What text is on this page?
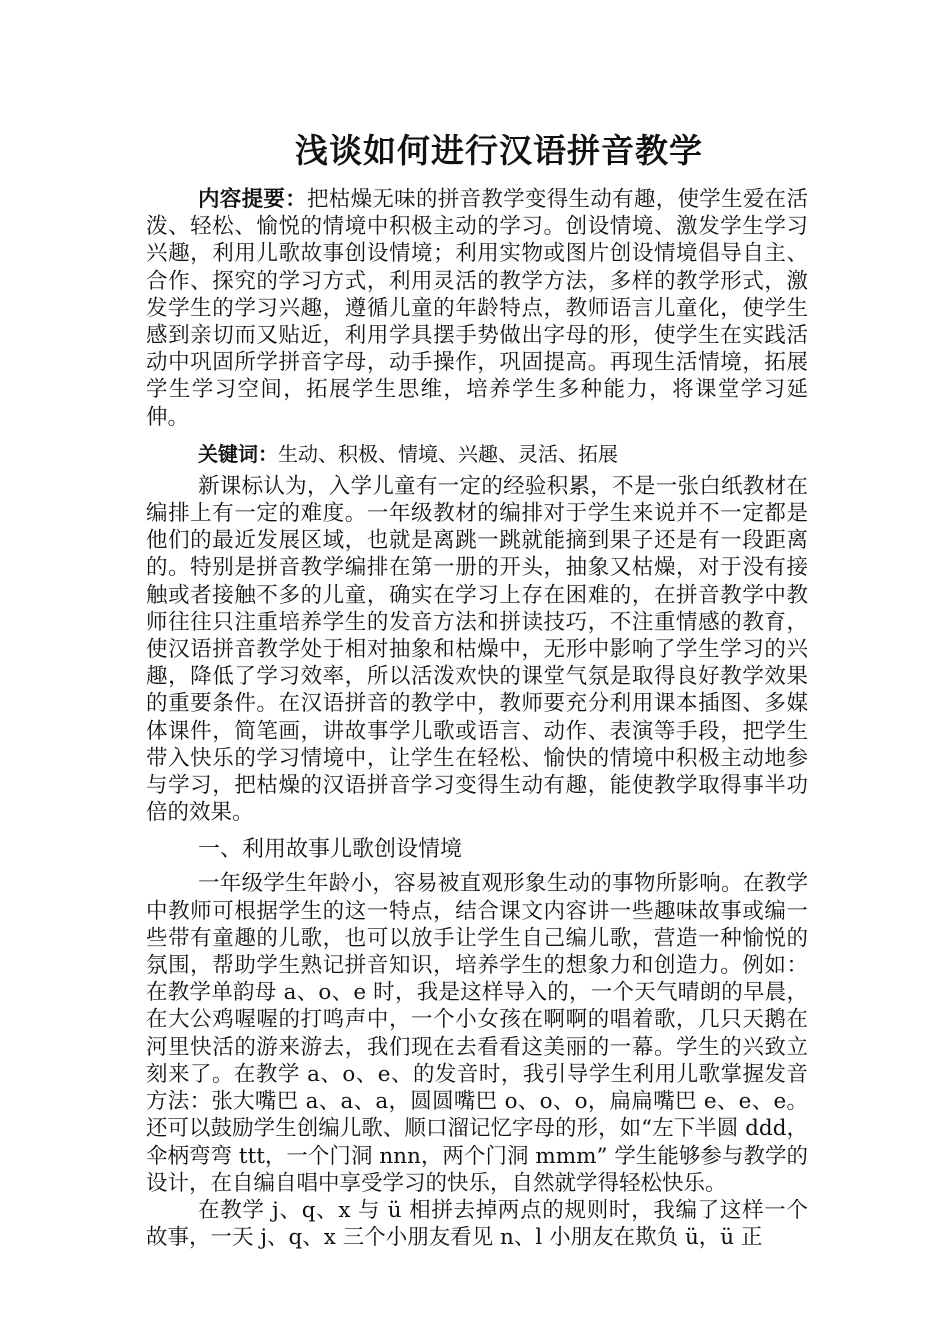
浅谈如何进行汉语拼音教学

内容提要：把枯燥无味的拼音教学变得生动有趣，使学生爱在活泼、轻松、愉悦的情境中积极主动的学习。创设情境、激发学生学习兴趣，利用儿歌故事创设情境；利用实物或图片创设情境倡导自主、合作、探究的学习方式，利用灵活的教学方法，多样的教学形式，激发学生的学习兴趣，遵循儿童的年龄特点，教师语言儿童化，使学生感到亲切而又贴近，利用学具摆手势做出字母的形，使学生在实践活动中巩固所学拼音字母，动手操作，巩固提高。再现生活情境，拓展学生学习空间，拓展学生思维，培养学生多种能力，将课堂学习延伸。

关键词：生动、积极、情境、兴趣、灵活、拓展

新课标认为，入学儿童有一定的经验积累，不是一张白纸教材在编排上有一定的难度。一年级教材的编排对于学生来说并不一定都是他们的最近发展区域，也就是离跳一跳就能摘到果子还是有一段距离的。特别是拼音教学编排在第一册的开头，抽象又枯燥，对于没有接触或者接触不多的儿童，确实在学习上存在困难的，在拼音教学中教师往往只注重培养学生的发音方法和拼读技巧，不注重情感的教育，使汉语拼音教学处于相对抽象和枯燥中，无形中影响了学生学习的兴趣，降低了学习效率，所以活泼欢快的课堂气氛是取得良好教学效果的重要条件。在汉语拼音的教学中，教师要充分利用课本插图、多媒体课件，简笔画，讲故事学儿歌或语言、动作、表演等手段，把学生带入快乐的学习情境中，让学生在轻松、愉快的情境中积极主动地参与学习，把枯燥的汉语拼音学习变得生动有趣，能使教学取得事半功倍的效果。

一、利用故事儿歌创设情境

一年级学生年龄小，容易被直观形象生动的事物所影响。在教学中教师可根据学生的这一特点，结合课文内容讲一些趣味故事或编一些带有童趣的儿歌，也可以放手让学生自己编儿歌，营造一种愉悦的氛围，帮助学生熟记拼音知识，培养学生的想象力和创造力。例如：在教学单韵母 a、o、e 时，我是这样导入的，一个天气晴朗的早晨，在大公鸡喔喔的打鸣声中，一个小女孩在啊啊的唱着歌，几只天鹅在河里快活的游来游去，我们现在去看看这美丽的一幕。学生的兴致立刻来了。在教学 a、o、e、的发音时，我引导学生利用儿歌掌握发音方法：张大嘴巴 a、a、a，圆圆嘴巴 o、o、o，扁扁嘴巴 e、e、e。还可以鼓励学生创编儿歌、顺口溜记忆字母的形，如“左下半圆 ddd，伞柄弯弯 ttt，一个门洞 nnn，两个门洞 mmm” 学生能够参与教学的设计，在自编自唱中享受学习的快乐，自然就学得轻松快乐。

在教学 j、q、x 与 ü 相拼去掉两点的规则时，我编了这样一个故事，一天 j、q、x 三个小朋友看见 n、l 小朋友在欺负 ü，ü 正
